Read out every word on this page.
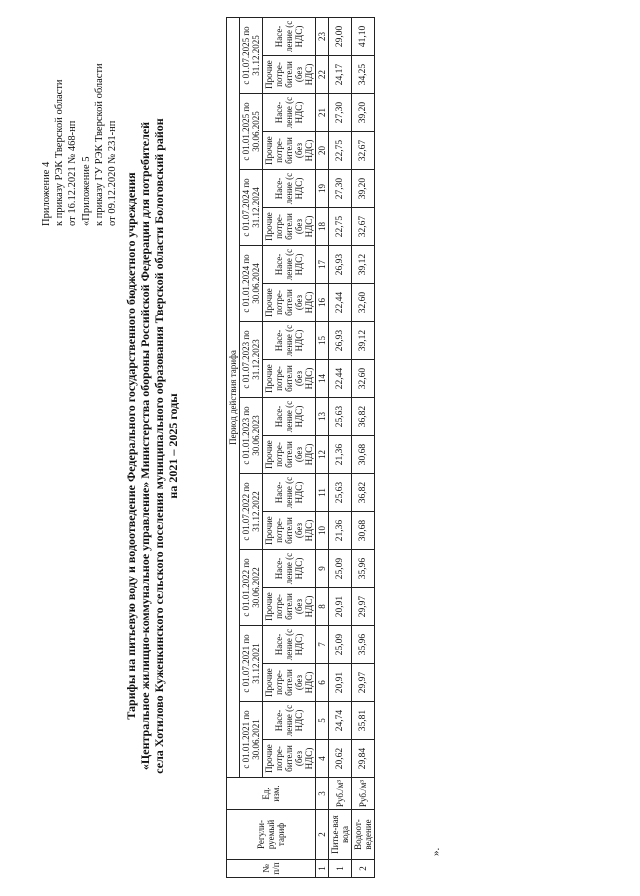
Приложение 4 к приказу РЭК Тверской области от 16.12.2021 № 468-нп «Приложение 5 к приказу ГУ РЭК Тверской области от 09.12.2020 № 231-нп Тарифы на питьевую воду и водоотведение Федерального государственного бюджетного учреждения «Центральное жилищно-коммунальное управление» Министерства обороны Российской Федерации для потребителей села Хотилово Куженкинского сельского поселения муниципального образования Тверской области Бологовский район на 2021 – 2025 годы
№ п/п	Регули-руемый тариф	Ед. изм.	Период действия тарифа																			
			с 01.01.2021 по 30.06.2021		с 01.07.2021 по 31.12.2021		с 01.01.2022 по 30.06.2022		с 01.07.2022 по 31.12.2022		с 01.01.2023 по 30.06.2023		с 01.07.2023 по 31.12.2023		с 01.01.2024 по 30.06.2024		с 01.07.2024 по 31.12.2024		с 01.01.2025 по 30.06.2025		с 01.07.2025 по 31.12.2025	
			Прочие потре-бители (без НДС)	Насе-ление (с НДС)	Прочие потре-бители (без НДС)	Насе-ление (с НДС)	Прочие потре-бители (без НДС)	Насе-ление (с НДС)	Прочие потре-бители (без НДС)	Насе-ление (с НДС)	Прочие потре-бители (без НДС)	Насе-ление (с НДС)	Прочие потре-бители (без НДС)	Насе-ление (с НДС)	Прочие потре-бители (без НДС)	Насе-ление (с НДС)	Прочие потре-бители (без НДС)	Насе-ление (с НДС)	Прочие потре-бители (без НДС)	Насе-ление (с НДС)	Прочие потре-бители (без НДС)	Насе-ление (с НДС)
1	2	3	4	5	6	7	8	9	10	11	12	13	14	15	16	17	18	19	20	21	22	23
1	Питье-вая вода	Руб./м³	20,62	24,74	20,91	25,09	20,91	25,09	21,36	25,63	21,36	25,63	22,44	26,93	22,44	26,93	22,75	27,30	22,75	27,30	24,17	29,00
2	Водоот-ведение	Руб./м³	29,84	35,81	29,97	35,96	29,97	35,96	30,68	36,82	30,68	36,82	32,60	39,12	32,60	39,12	32,67	39,20	32,67	39,20	34,25	41,10
».
